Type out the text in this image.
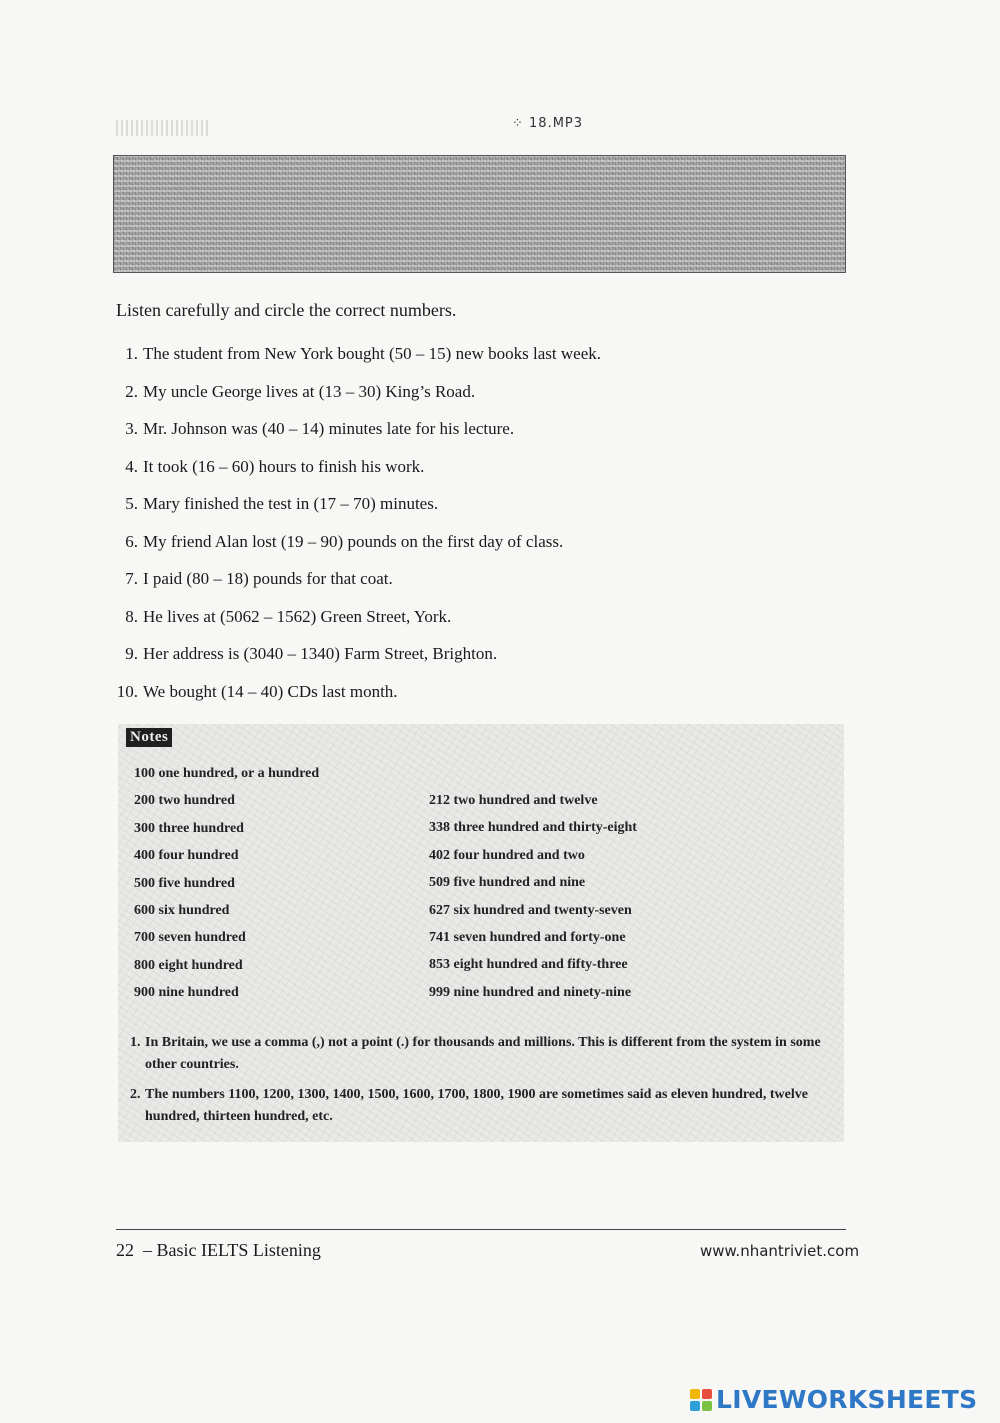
⁘ 18.MP3
Listen carefully and circle the correct numbers.
1. The student from New York bought (50 – 15) new books last week.
2. My uncle George lives at (13 – 30) King’s Road.
3. Mr. Johnson was (40 – 14) minutes late for his lecture.
4. It took (16 – 60) hours to finish his work.
5. Mary finished the test in (17 – 70) minutes.
6. My friend Alan lost (19 – 90) pounds on the first day of class.
7. I paid (80 – 18) pounds for that coat.
8. He lives at (5062 – 1562) Green Street, York.
9. Her address is (3040 – 1340) Farm Street, Brighton.
10. We bought (14 – 40) CDs last month.
Notes
100 one hundred, or a hundred
200 two hundred
300 three hundred
400 four hundred
500 five hundred
600 six hundred
700 seven hundred
800 eight hundred
900 nine hundred
212 two hundred and twelve
338 three hundred and thirty-eight
402 four hundred and two
509 five hundred and nine
627 six hundred and twenty-seven
741 seven hundred and forty-one
853 eight hundred and fifty-three
999 nine hundred and ninety-nine
1. In Britain, we use a comma (,) not a point (.) for thousands and millions. This is different from the system in some other countries.
2. The numbers 1100, 1200, 1300, 1400, 1500, 1600, 1700, 1800, 1900 are sometimes said as eleven hundred, twelve hundred, thirteen hundred, etc.
22 – Basic IELTS Listening	www.nhantriviet.com
LIVEWORKSHEETS
